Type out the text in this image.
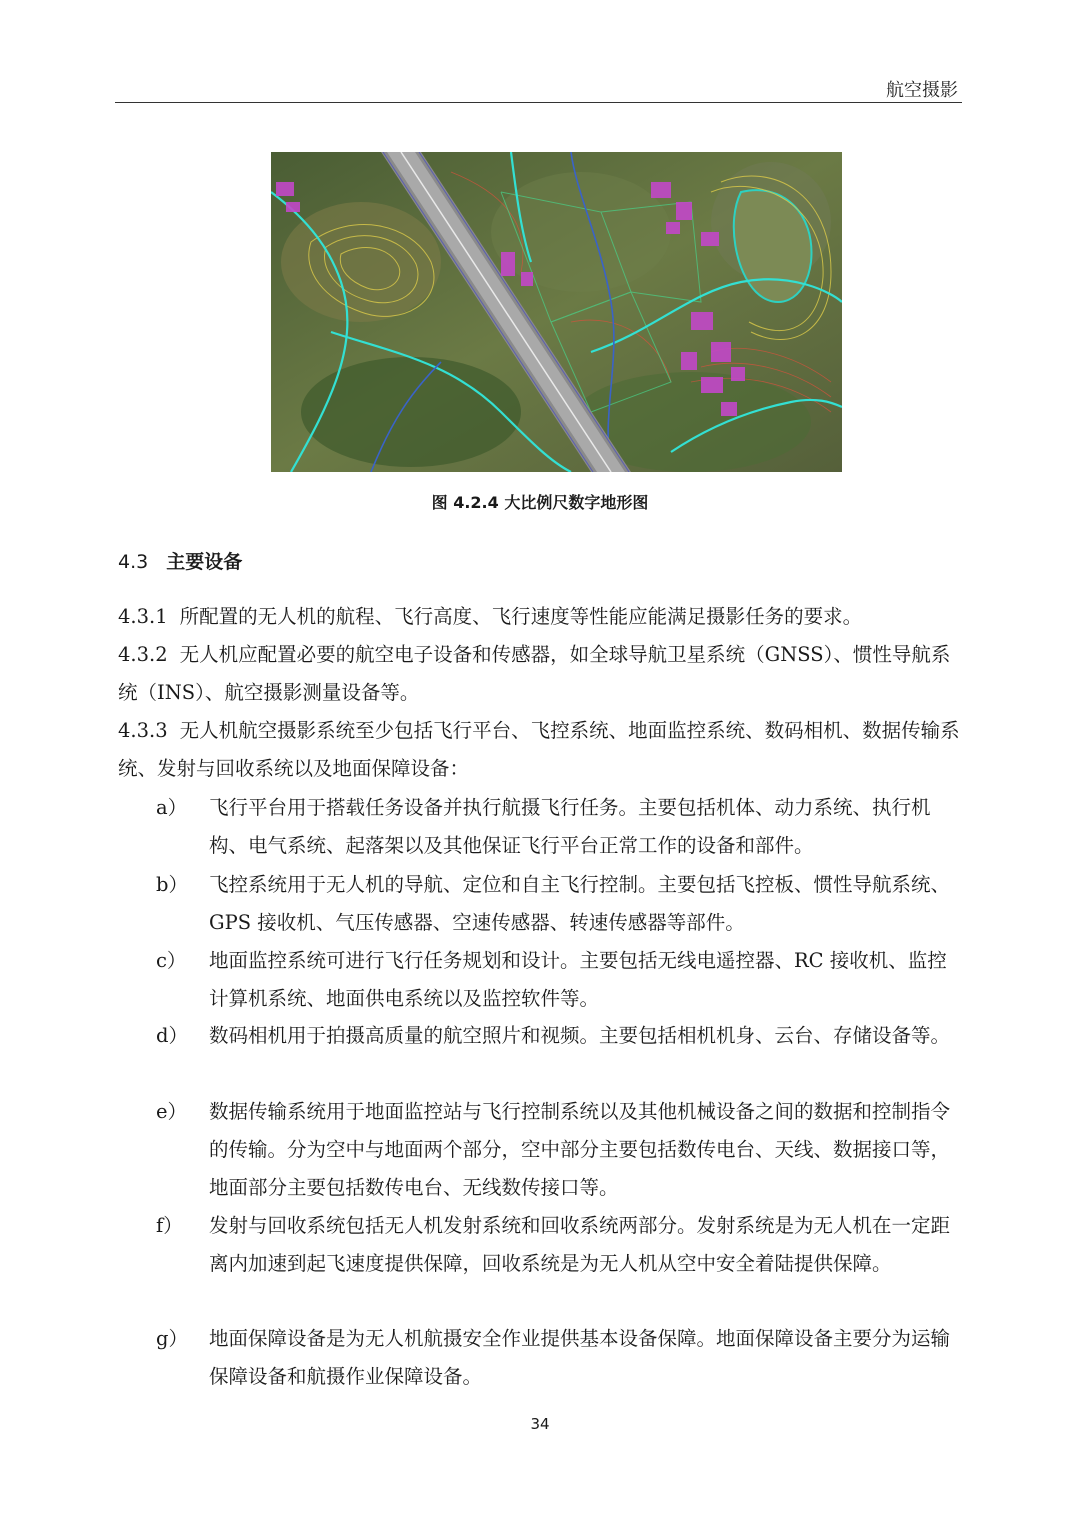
航空摄影
图 4.2.4 大比例尺数字地形图
4.3 主要设备
4.3.1 所配置的无人机的航程、飞行高度、飞行速度等性能应能满足摄影任务的要求。
4.3.2 无人机应配置必要的航空电子设备和传感器，如全球导航卫星系统（GNSS）、惯性导航系统（INS）、航空摄影测量设备等。
4.3.3 无人机航空摄影系统至少包括飞行平台、飞控系统、地面监控系统、数码相机、数据传输系统、发射与回收系统以及地面保障设备：
a）	飞行平台用于搭载任务设备并执行航摄飞行任务。主要包括机体、动力系统、执行机构、电气系统、起落架以及其他保证飞行平台正常工作的设备和部件。
b）	飞控系统用于无人机的导航、定位和自主飞行控制。主要包括飞控板、惯性导航系统、GPS 接收机、气压传感器、空速传感器、转速传感器等部件。
c）	地面监控系统可进行飞行任务规划和设计。主要包括无线电遥控器、RC 接收机、监控计算机系统、地面供电系统以及监控软件等。
d）	数码相机用于拍摄高质量的航空照片和视频。主要包括相机机身、云台、存储设备等。
e）	数据传输系统用于地面监控站与飞行控制系统以及其他机械设备之间的数据和控制指令的传输。分为空中与地面两个部分，空中部分主要包括数传电台、天线、数据接口等，地面部分主要包括数传电台、无线数传接口等。
f）	发射与回收系统包括无人机发射系统和回收系统两部分。发射系统是为无人机在一定距离内加速到起飞速度提供保障，回收系统是为无人机从空中安全着陆提供保障。
g）	地面保障设备是为无人机航摄安全作业提供基本设备保障。地面保障设备主要分为运输保障设备和航摄作业保障设备。
34
